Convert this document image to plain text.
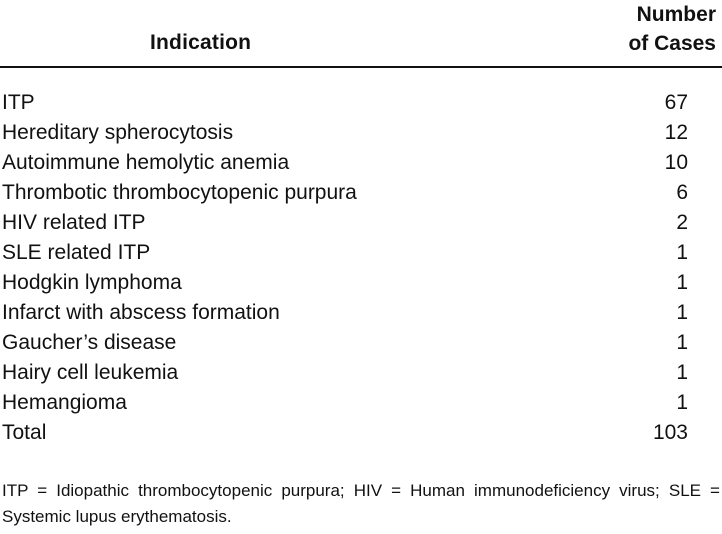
Indication
Number
of Cases
ITP	67
Hereditary spherocytosis	12
Autoimmune hemolytic anemia	10
Thrombotic thrombocytopenic purpura	6
HIV related ITP	2
SLE related ITP	1
Hodgkin lymphoma	1
Infarct with abscess formation	1
Gaucher’s disease	1
Hairy cell leukemia	1
Hemangioma	1
Total	103
ITP = Idiopathic thrombocytopenic purpura; HIV = Human immunodeficiency virus; SLE = Systemic lupus erythematosis.
